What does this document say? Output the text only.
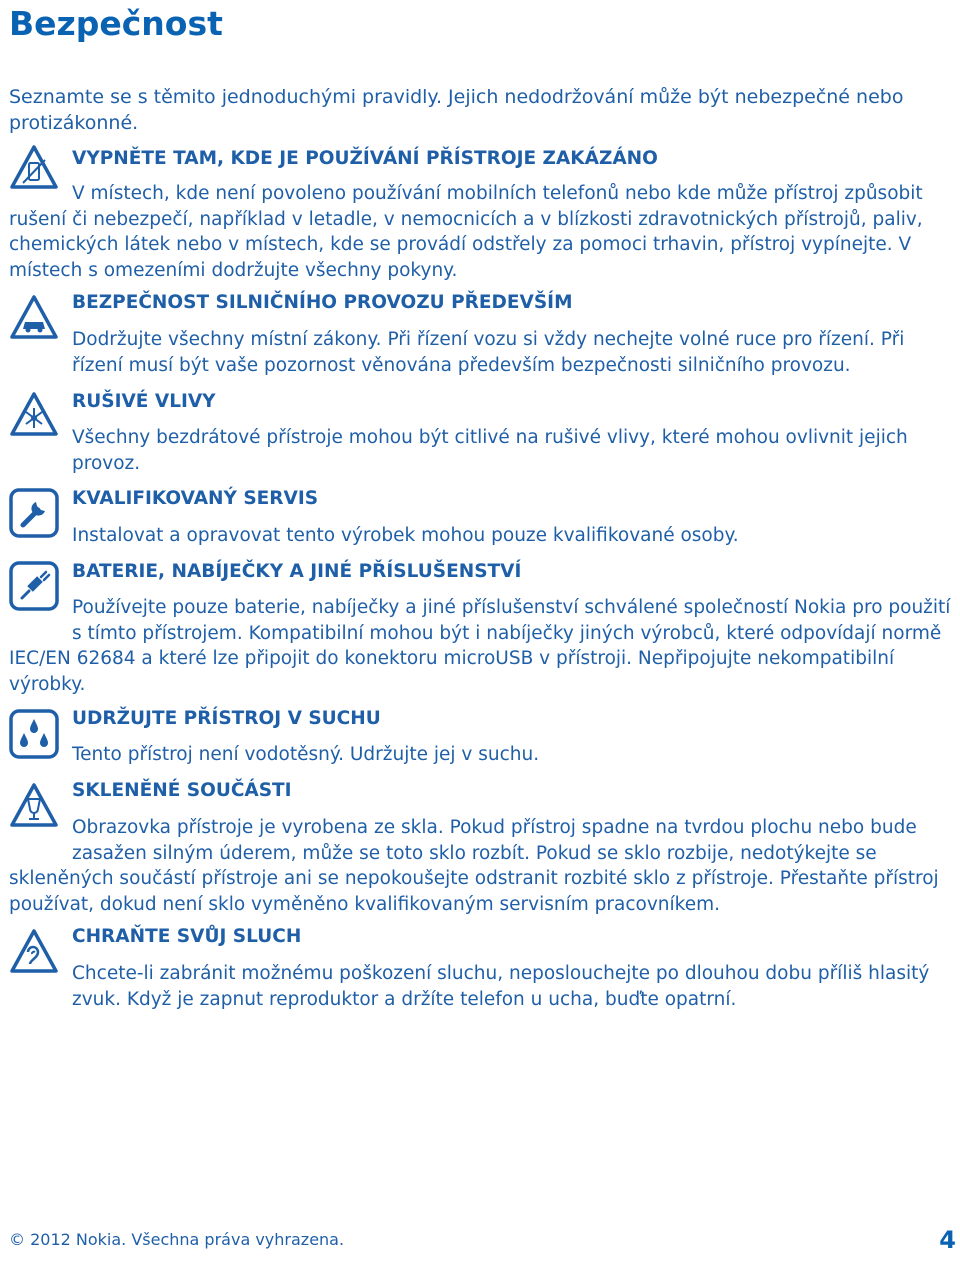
Bezpečnost
Seznamte se s těmito jednoduchými pravidly. Jejich nedodržování může být nebezpečné nebo protizákonné.
VYPNĚTE TAM, KDE JE POUŽÍVÁNÍ PŘÍSTROJE ZAKÁZÁNO

V místech, kde není povoleno používání mobilních telefonů nebo kde může přístroj způsobit rušení či nebezpečí, například v letadle, v nemocnicích a v blízkosti zdravotnických přístrojů, paliv, chemických látek nebo v místech, kde se provádí odstřely za pomoci trhavin, přístroj vypínejte. V místech s omezeními dodržujte všechny pokyny.

BEZPEČNOST SILNIČNÍHO PROVOZU PŘEDEVŠÍM

Dodržujte všechny místní zákony. Při řízení vozu si vždy nechejte volné ruce pro řízení. Při řízení musí být vaše pozornost věnována především bezpečnosti silničního provozu.

RUŠIVÉ VLIVY

Všechny bezdrátové přístroje mohou být citlivé na rušivé vlivy, které mohou ovlivnit jejich provoz.

KVALIFIKOVANÝ SERVIS

Instalovat a opravovat tento výrobek mohou pouze kvalifikované osoby.

BATERIE, NABÍJEČKY A JINÉ PŘÍSLUŠENSTVÍ

Používejte pouze baterie, nabíječky a jiné příslušenství schválené společností Nokia pro použití s tímto přístrojem. Kompatibilní mohou být i nabíječky jiných výrobců, které odpovídají normě IEC/EN 62684 a které lze připojit do konektoru microUSB v přístroji. Nepřipojujte nekompatibilní výrobky.

UDRŽUJTE PŘÍSTROJ V SUCHU

Tento přístroj není vodotěsný. Udržujte jej v suchu.

SKLENĚNÉ SOUČÁSTI

Obrazovka přístroje je vyrobena ze skla. Pokud přístroj spadne na tvrdou plochu nebo bude zasažen silným úderem, může se toto sklo rozbít. Pokud se sklo rozbije, nedotýkejte se skleněných součástí přístroje ani se nepokoušejte odstranit rozbité sklo z přístroje. Přestaňte přístroj používat, dokud není sklo vyměněno kvalifikovaným servisním pracovníkem.

CHRAŇTE SVŮJ SLUCH

Chcete-li zabránit možnému poškození sluchu, neposlouchejte po dlouhou dobu příliš hlasitý zvuk. Když je zapnut reproduktor a držíte telefon u ucha, buďte opatrní.

© 2012 Nokia. Všechna práva vyhrazena.	4
